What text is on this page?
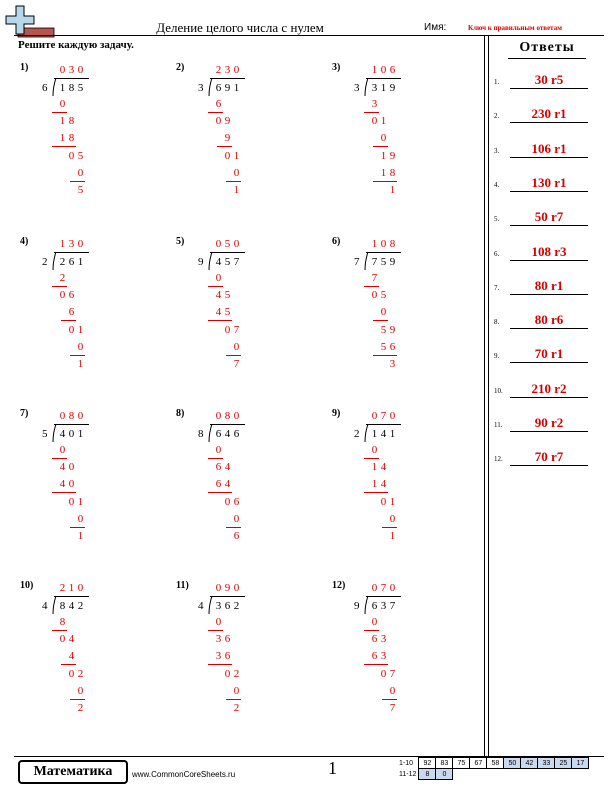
Деление целого числа с нулем	Имя:	Ключ к правильным ответам
Решите каждую задачу.	Ответы
1.	30 r5
2.	230 r1
3.	106 r1
4.	130 r1
5.	50 r7
6.	108 r3
7.	80 r1
8.	80 r6
9.	70 r1
10.	210 r2
11.	90 r2
12.	70 r7
1)	0 3 0
6 1 8 5
0
1 8
1 8
0 5
0
5
2)	2 3 0
3 6 9 1
6
0 9
9
0 1
0
1
3)	1 0 6
3 3 1 9
3
0 1
0
1 9
1 8
1
4)	1 3 0
2 2 6 1
2
0 6
6
0 1
0
1
5)	0 5 0
9 4 5 7
0
4 5
4 5
0 7
0
7
6)	1 0 8
7 7 5 9
7
0 5
0
5 9
5 6
3
7)	0 8 0
5 4 0 1
0
4 0
4 0
0 1
0
1
8)	0 8 0
8 6 4 6
0
6 4
6 4
0 6
0
6
9)	0 7 0
2 1 4 1
0
1 4
1 4
0 1
0
1
10) 2 1 0
4 8 4 2
8
0 4
4
0 2
0
2
11) 0 9 0
4 3 6 2
0
3 6
3 6
0 2
0
2
12) 0 7 0
9 6 3 7
0
6 3
6 3
0 7
0
7
Математика	www.CommonCoreSheets.ru	1	1-10	92	83	75	67	58	50	42	33	25	17
11-12	8	0								
